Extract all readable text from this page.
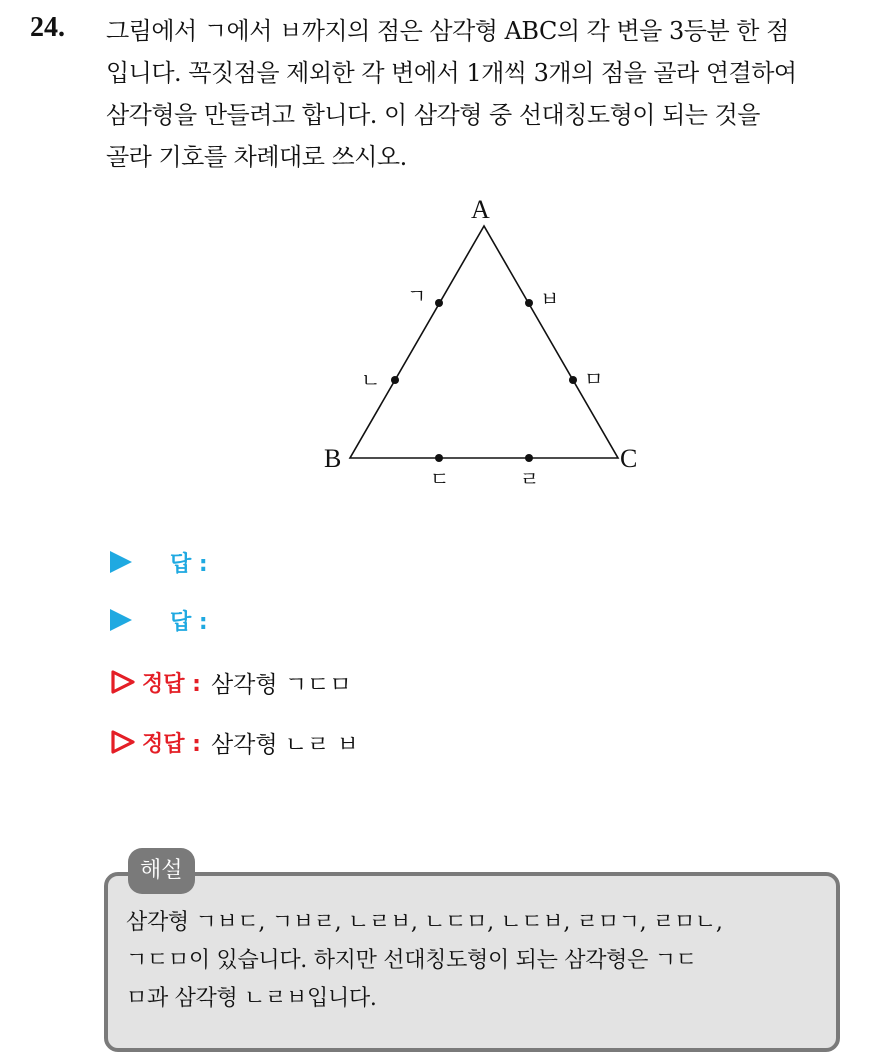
24. 그림에서 ㄱ에서 ㅂ까지의 점은 삼각형 ABC의 각 변을 3등분 한 점
입니다. 꼭짓점을 제외한 각 변에서 1개씩 3개의 점을 골라 연결하여
삼각형을 만들려고 합니다. 이 삼각형 중 선대칭도형이 되는 것을
골라 기호를 차례대로 쓰시오.
A
B	C
ㄱ
ㄴ
ㄷ	ㄹ
ㅁ
ㅂ
답 :
답 :
정답 : 삼각형 ㄱㄷㅁ
정답 : 삼각형 ㄴㄹ ㅂ
해설
삼각형 ㄱㅂㄷ, ㄱㅂㄹ, ㄴㄹㅂ, ㄴㄷㅁ, ㄴㄷㅂ, ㄹㅁㄱ, ㄹㅁㄴ,
ㄱㄷㅁ이 있습니다. 하지만 선대칭도형이 되는 삼각형은 ㄱㄷ
ㅁ과 삼각형 ㄴㄹㅂ입니다.
